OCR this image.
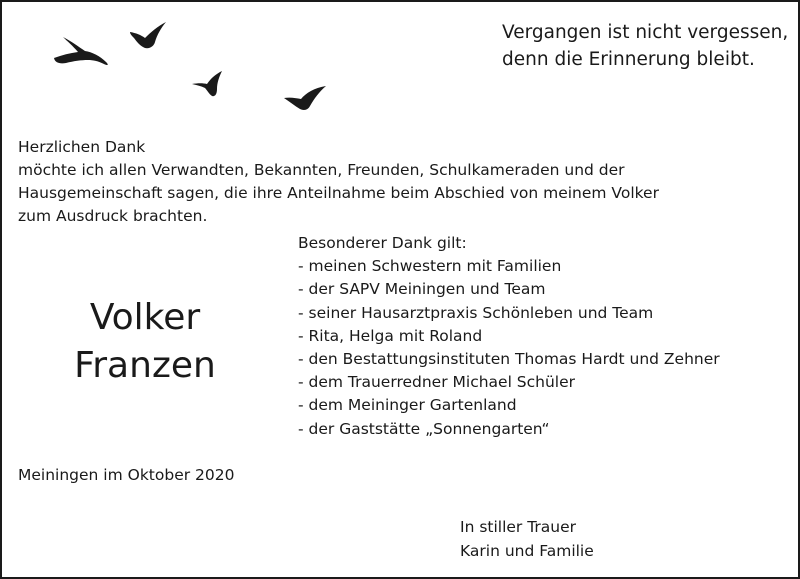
Vergangen ist nicht vergessen,
denn die Erinnerung bleibt.
Herzlichen Dank
möchte ich allen Verwandten, Bekannten, Freunden, Schulkameraden und der
Hausgemeinschaft sagen, die ihre Anteilnahme beim Abschied von meinem Volker
zum Ausdruck brachten.
Volker
Franzen
Besonderer Dank gilt:
- meinen Schwestern mit Familien
- der SAPV Meiningen und Team
- seiner Hausarztpraxis Schönleben und Team
- Rita, Helga mit Roland
- den Bestattungsinstituten Thomas Hardt und Zehner
- dem Trauerredner Michael Schüler
- dem Meininger Gartenland
- der Gaststätte „Sonnengarten“
Meiningen im Oktober 2020
In stiller Trauer
Karin und Familie
